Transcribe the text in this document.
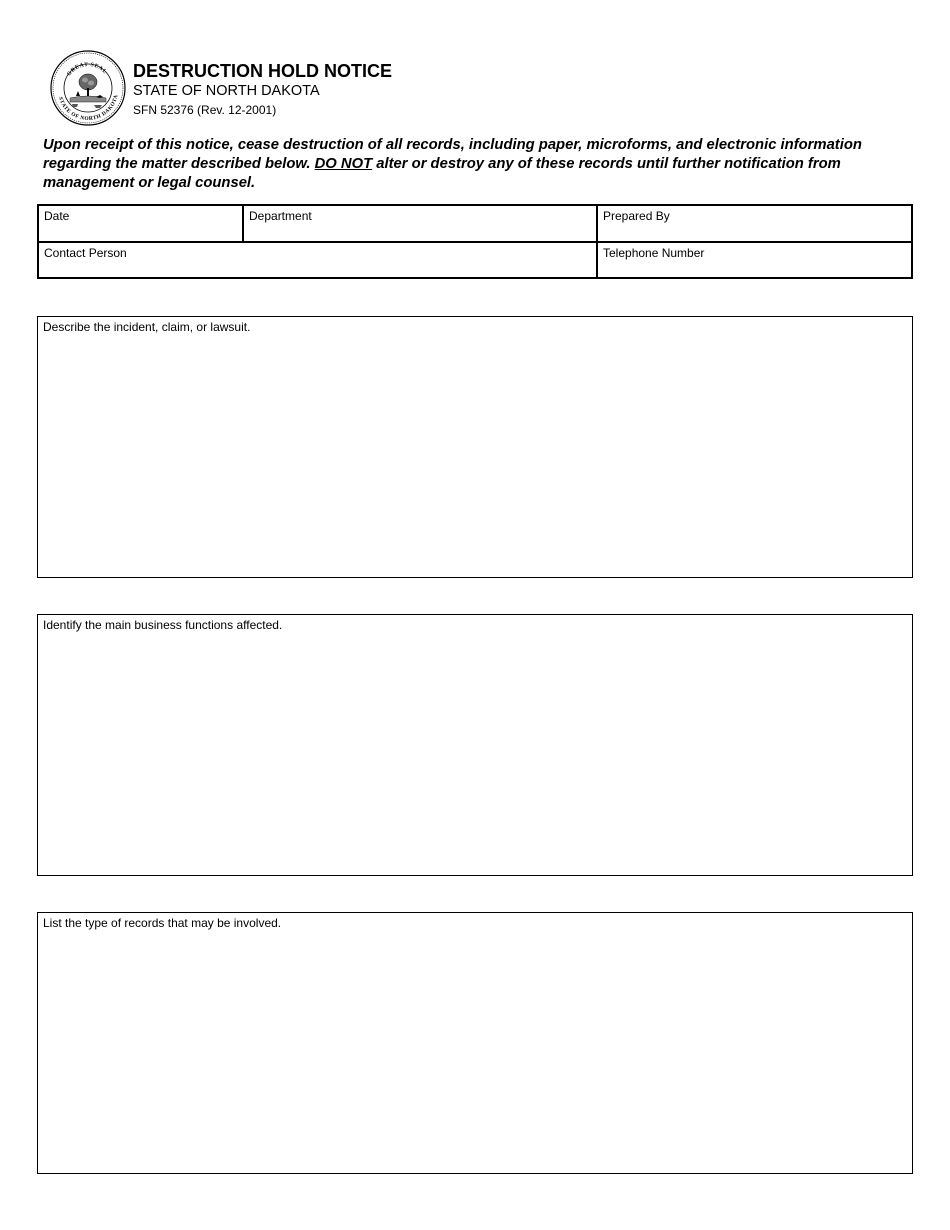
GREAT SEAL
STATE OF NORTH DAKOTA
DESTRUCTION HOLD NOTICE
STATE OF NORTH DAKOTA
SFN 52376 (Rev. 12-2001)
Upon receipt of this notice, cease destruction of all records, including paper, microforms, and electronic information regarding the matter described below. DO NOT alter or destroy any of these records until further notification from management or legal counsel.
Date	Department	Prepared By
Contact Person	Telephone Number
Describe the incident, claim, or lawsuit.
Identify the main business functions affected.
List the type of records that may be involved.
